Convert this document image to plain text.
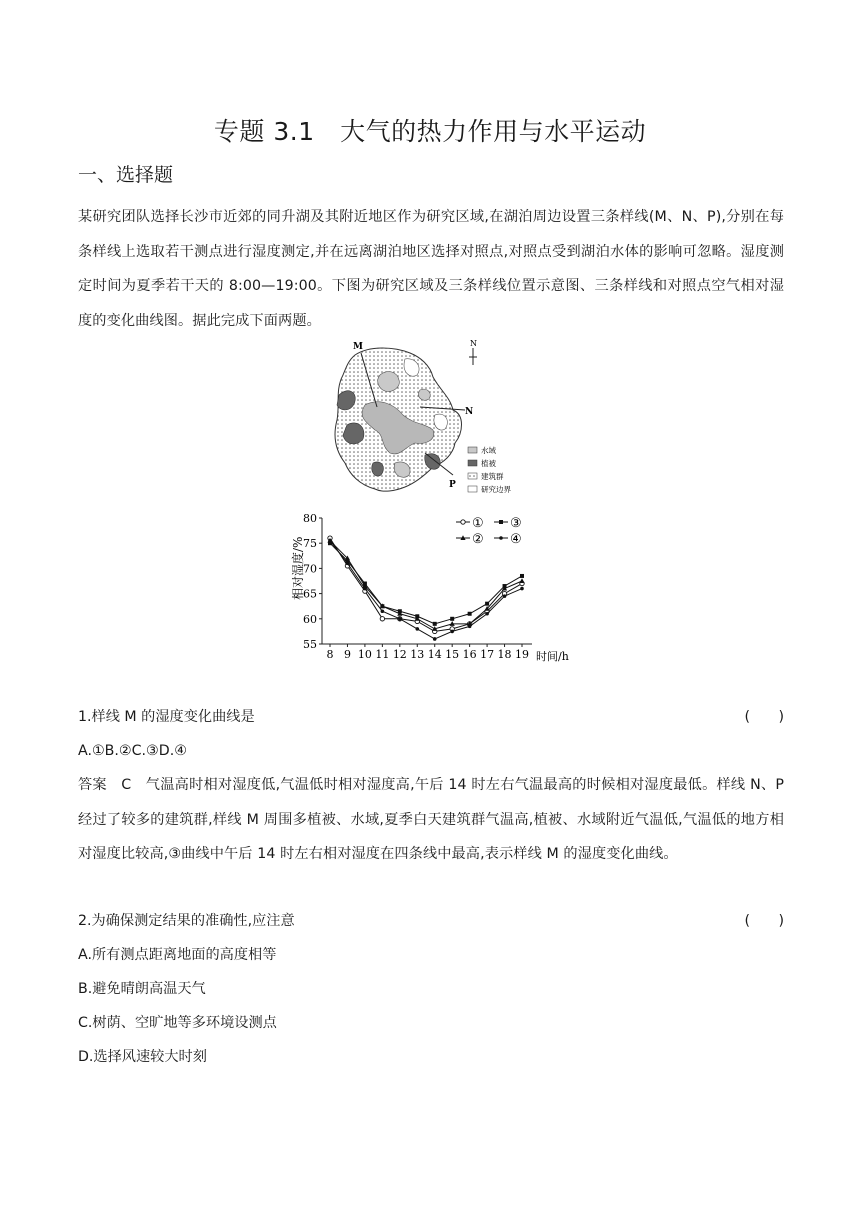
专题 3.1　大气的热力作用与水平运动
一、选择题
某研究团队选择长沙市近郊的同升湖及其附近地区作为研究区域,在湖泊周边设置三条样线(M、N、P),分别在每条样线上选取若干测点进行湿度测定,并在远离湖泊地区选择对照点,对照点受到湖泊水体的影响可忽略。湿度测定时间为夏季若干天的 8:00—19:00。下图为研究区域及三条样线位置示意图、三条样线和对照点空气相对湿度的变化曲线图。据此完成下面两题。
M
N
P
N
水域
植被
建筑群
研究边界
相对湿度/%
时间/h
55
60
65
70
75
80
8 9 10 11 12 13 14 15 16 17 18 19
① ③
② ④
1.样线 M 的湿度变化曲线是	(　　)
A.①B.②C.③D.④
答案　C　气温高时相对湿度低,气温低时相对湿度高,午后 14 时左右气温最高的时候相对湿度最低。样线 N、P 经过了较多的建筑群,样线 M 周围多植被、水域,夏季白天建筑群气温高,植被、水域附近气温低,气温低的地方相对湿度比较高,③曲线中午后 14 时左右相对湿度在四条线中最高,表示样线 M 的湿度变化曲线。
2.为确保测定结果的准确性,应注意	(　　)
A.所有测点距离地面的高度相等
B.避免晴朗高温天气
C.树荫、空旷地等多环境设测点
D.选择风速较大时刻
